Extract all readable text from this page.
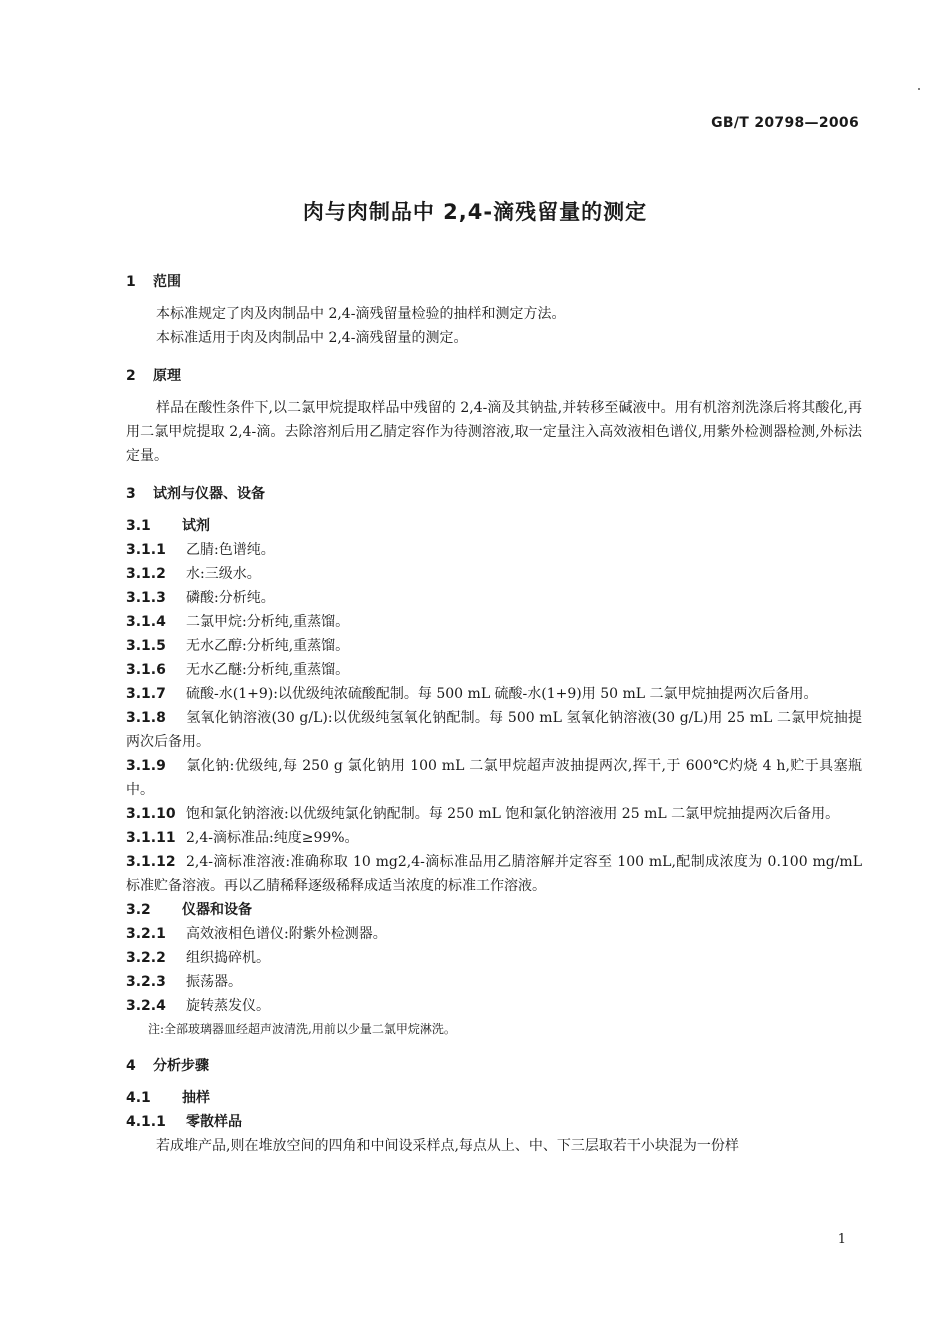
GB/T 20798—2006
肉与肉制品中 2,4-滴残留量的测定

1 范围

本标准规定了肉及肉制品中 2,4-滴残留量检验的抽样和测定方法。

本标准适用于肉及肉制品中 2,4-滴残留量的测定。

2 原理

样品在酸性条件下,以二氯甲烷提取样品中残留的 2,4-滴及其钠盐,并转移至碱液中。用有机溶剂洗涤后将其酸化,再用二氯甲烷提取 2,4-滴。去除溶剂后用乙腈定容作为待测溶液,取一定量注入高效液相色谱仪,用紫外检测器检测,外标法定量。

3 试剂与仪器、设备

3.1 试剂

3.1.1 乙腈:色谱纯。

3.1.2 水:三级水。

3.1.3 磷酸:分析纯。

3.1.4 二氯甲烷:分析纯,重蒸馏。

3.1.5 无水乙醇:分析纯,重蒸馏。

3.1.6 无水乙醚:分析纯,重蒸馏。

3.1.7 硫酸-水(1+9):以优级纯浓硫酸配制。每 500 mL 硫酸-水(1+9)用 50 mL 二氯甲烷抽提两次后备用。

3.1.8 氢氧化钠溶液(30 g/L):以优级纯氢氧化钠配制。每 500 mL 氢氧化钠溶液(30 g/L)用 25 mL 二氯甲烷抽提两次后备用。

3.1.9 氯化钠:优级纯,每 250 g 氯化钠用 100 mL 二氯甲烷超声波抽提两次,挥干,于 600℃灼烧 4 h,贮于具塞瓶中。

3.1.10 饱和氯化钠溶液:以优级纯氯化钠配制。每 250 mL 饱和氯化钠溶液用 25 mL 二氯甲烷抽提两次后备用。

3.1.11 2,4-滴标准品:纯度≥99%。

3.1.12 2,4-滴标准溶液:准确称取 10 mg2,4-滴标准品用乙腈溶解并定容至 100 mL,配制成浓度为 0.100 mg/mL 标准贮备溶液。再以乙腈稀释逐级稀释成适当浓度的标准工作溶液。

3.2 仪器和设备

3.2.1 高效液相色谱仪:附紫外检测器。

3.2.2 组织捣碎机。

3.2.3 振荡器。

3.2.4 旋转蒸发仪。

注:全部玻璃器皿经超声波清洗,用前以少量二氯甲烷淋洗。

4 分析步骤

4.1 抽样

4.1.1 零散样品

若成堆产品,则在堆放空间的四角和中间设采样点,每点从上、中、下三层取若干小块混为一份样

1
